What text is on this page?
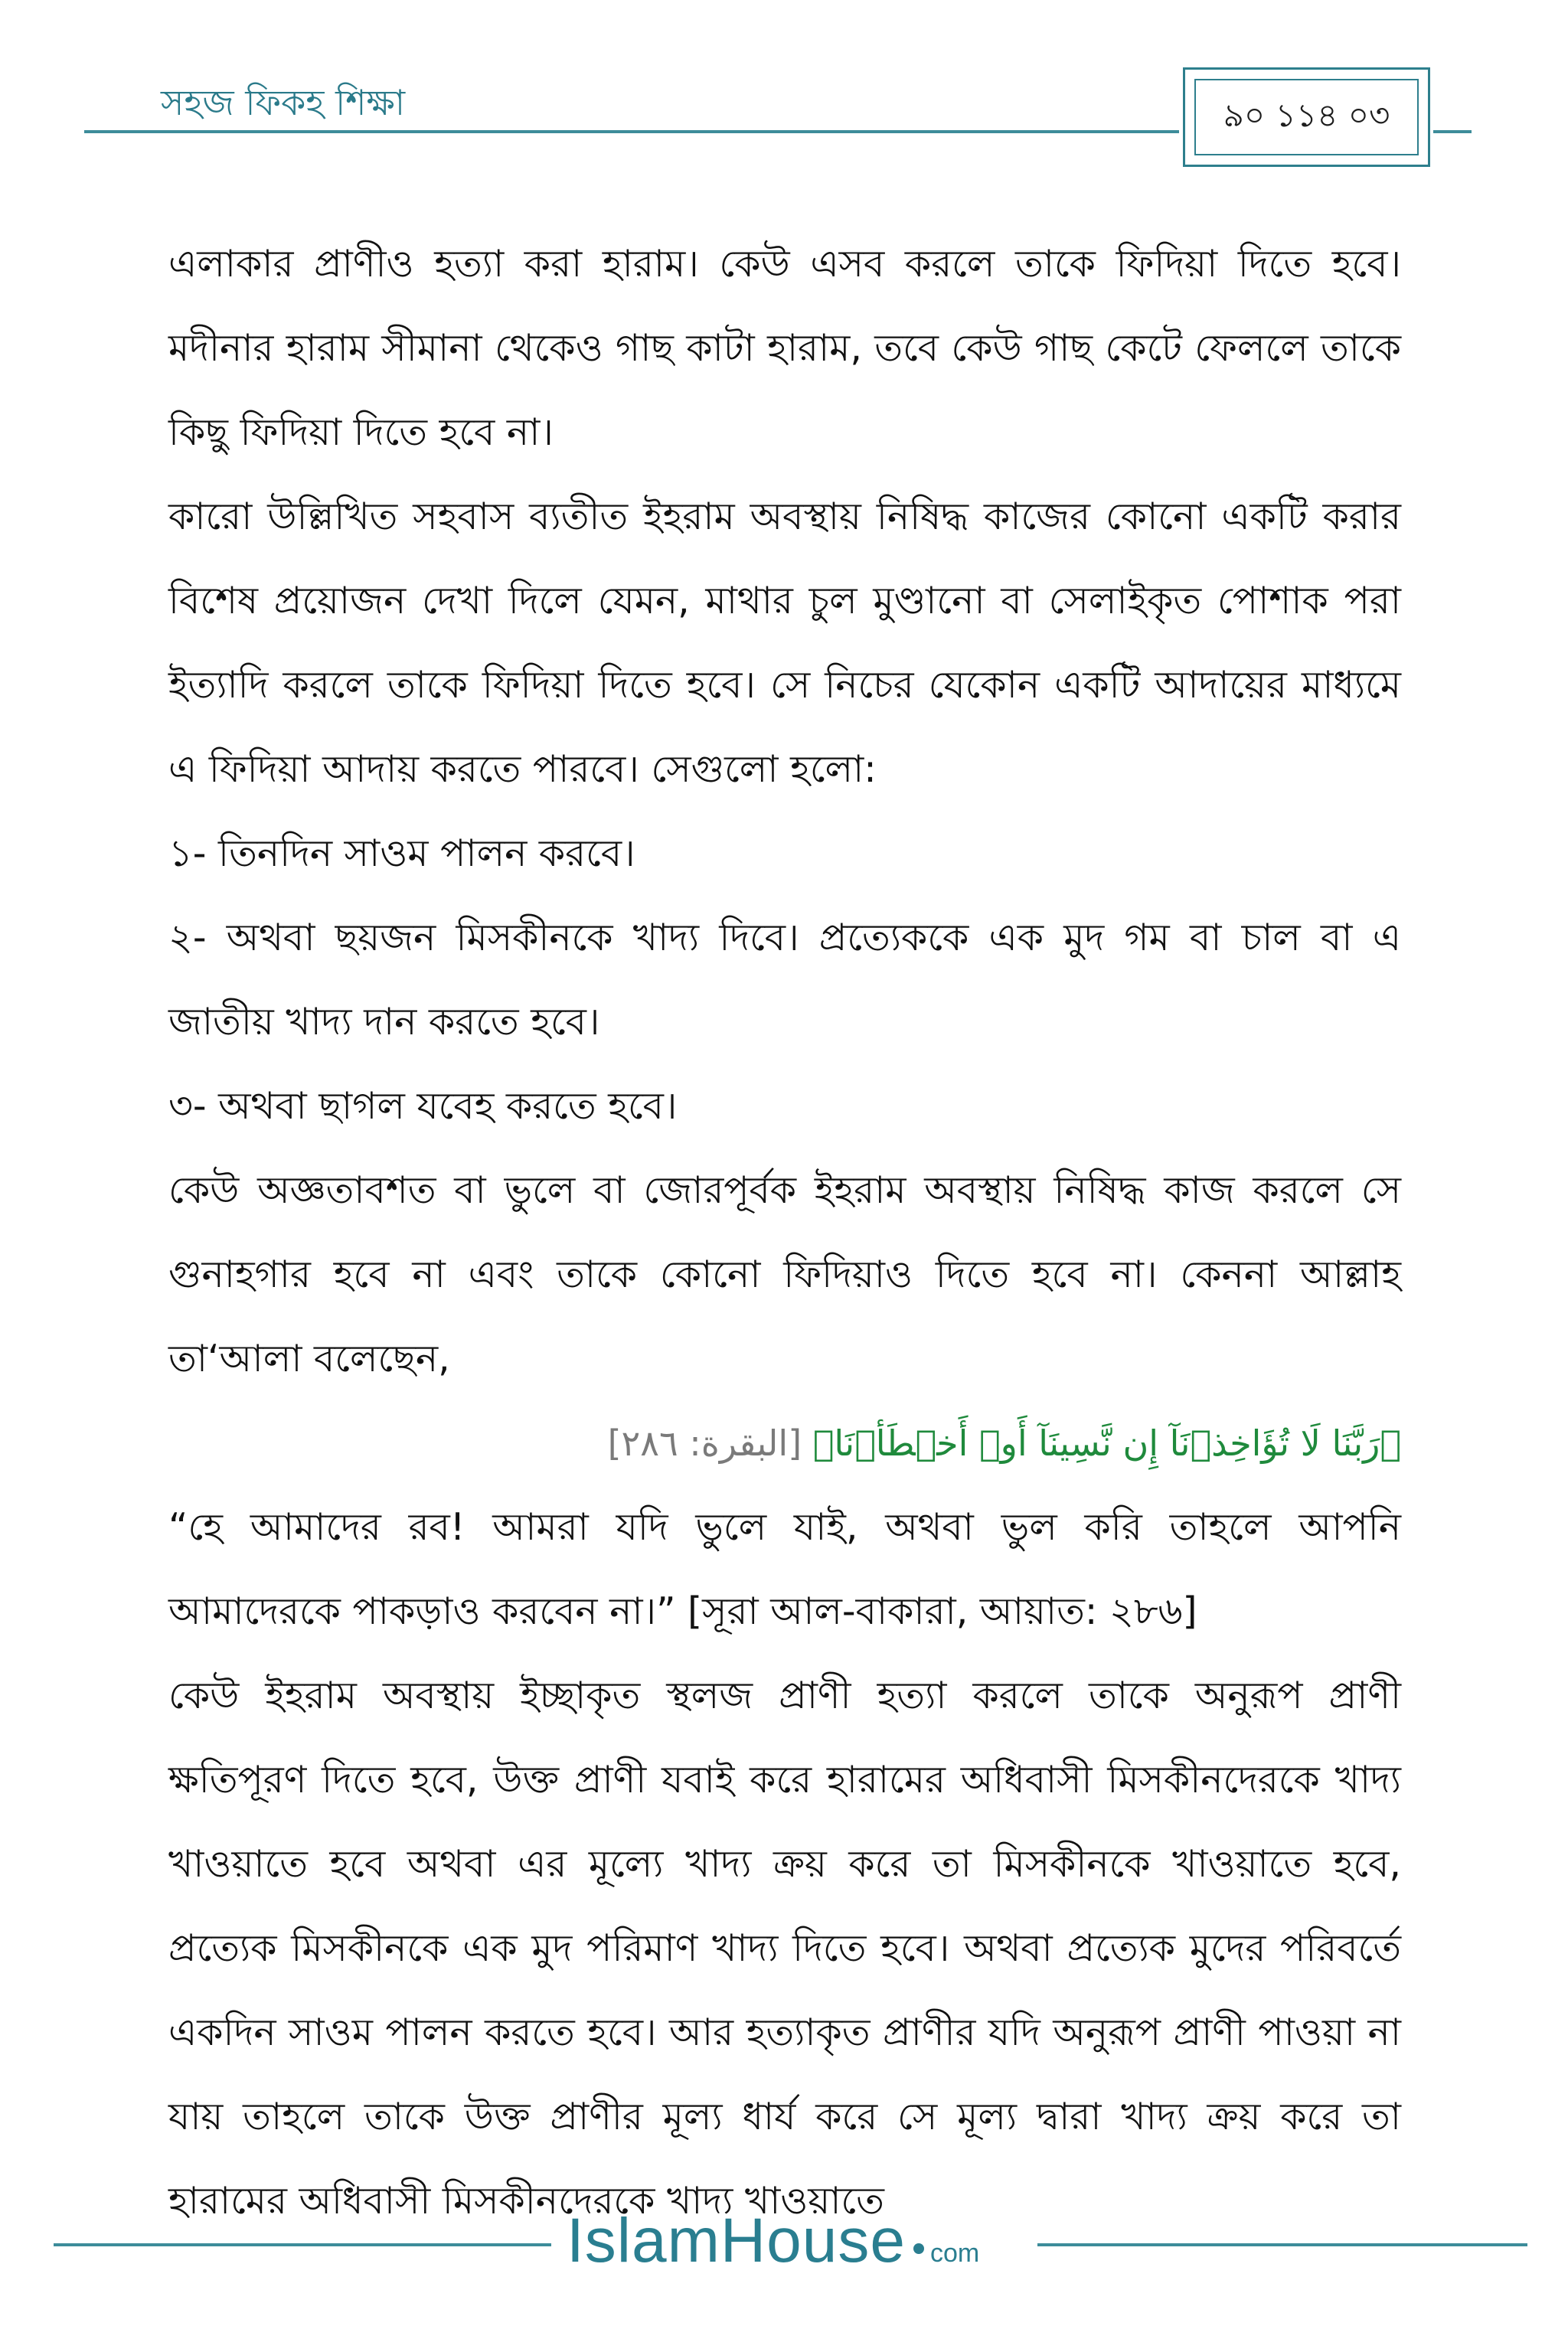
সহজ ফিকহ শিক্ষা	৯০ ১১৪ ০৩

এলাকার প্রাণীও হত্যা করা হারাম। কেউ এসব করলে তাকে ফিদিয়া দিতে হবে। মদীনার হারাম সীমানা থেকেও গাছ কাটা হারাম, তবে কেউ গাছ কেটে ফেললে তাকে কিছু ফিদিয়া দিতে হবে না।

কারো উল্লিখিত সহবাস ব্যতীত ইহরাম অবস্থায় নিষিদ্ধ কাজের কোনো একটি করার বিশেষ প্রয়োজন দেখা দিলে যেমন, মাথার চুল মুণ্ডানো বা সেলাইকৃত পোশাক পরা ইত্যাদি করলে তাকে ফিদিয়া দিতে হবে। সে নিচের যেকোন একটি আদায়ের মাধ্যমে এ ফিদিয়া আদায় করতে পারবে। সেগুলো হলো:

১- তিনদিন সাওম পালন করবে।

২- অথবা ছয়জন মিসকীনকে খাদ্য দিবে। প্রত্যেককে এক মুদ গম বা চাল বা এ জাতীয় খাদ্য দান করতে হবে।

৩- অথবা ছাগল যবেহ করতে হবে।

কেউ অজ্ঞতাবশত বা ভুলে বা জোরপূর্বক ইহরাম অবস্থায় নিষিদ্ধ কাজ করলে সে গুনাহগার হবে না এবং তাকে কোনো ফিদিয়াও দিতে হবে না। কেননা আল্লাহ তা‘আলা বলেছেন,

﴿رَبَّنَا لَا تُؤَاخِذۡنَآ إِن نَّسِينَآ أَوۡ أَخۡطَأۡنَا﴾ [البقرة: ٢٨٦]

“হে আমাদের রব! আমরা যদি ভুলে যাই, অথবা ভুল করি তাহলে আপনি আমাদেরকে পাকড়াও করবেন না।” [সূরা আল-বাকারা, আয়াত: ২৮৬]

কেউ ইহরাম অবস্থায় ইচ্ছাকৃত স্থলজ প্রাণী হত্যা করলে তাকে অনুরূপ প্রাণী ক্ষতিপূরণ দিতে হবে, উক্ত প্রাণী যবাই করে হারামের অধিবাসী মিসকীনদেরকে খাদ্য খাওয়াতে হবে অথবা এর মূল্যে খাদ্য ক্রয় করে তা মিসকীনকে খাওয়াতে হবে, প্রত্যেক মিসকীনকে এক মুদ পরিমাণ খাদ্য দিতে হবে। অথবা প্রত্যেক মুদের পরিবর্তে একদিন সাওম পালন করতে হবে। আর হত্যাকৃত প্রাণীর যদি অনুরূপ প্রাণী পাওয়া না যায় তাহলে তাকে উক্ত প্রাণীর মূল্য ধার্য করে সে মূল্য দ্বারা খাদ্য ক্রয় করে তা হারামের অধিবাসী মিসকীনদেরকে খাদ্য খাওয়াতে

IslamHouse com
